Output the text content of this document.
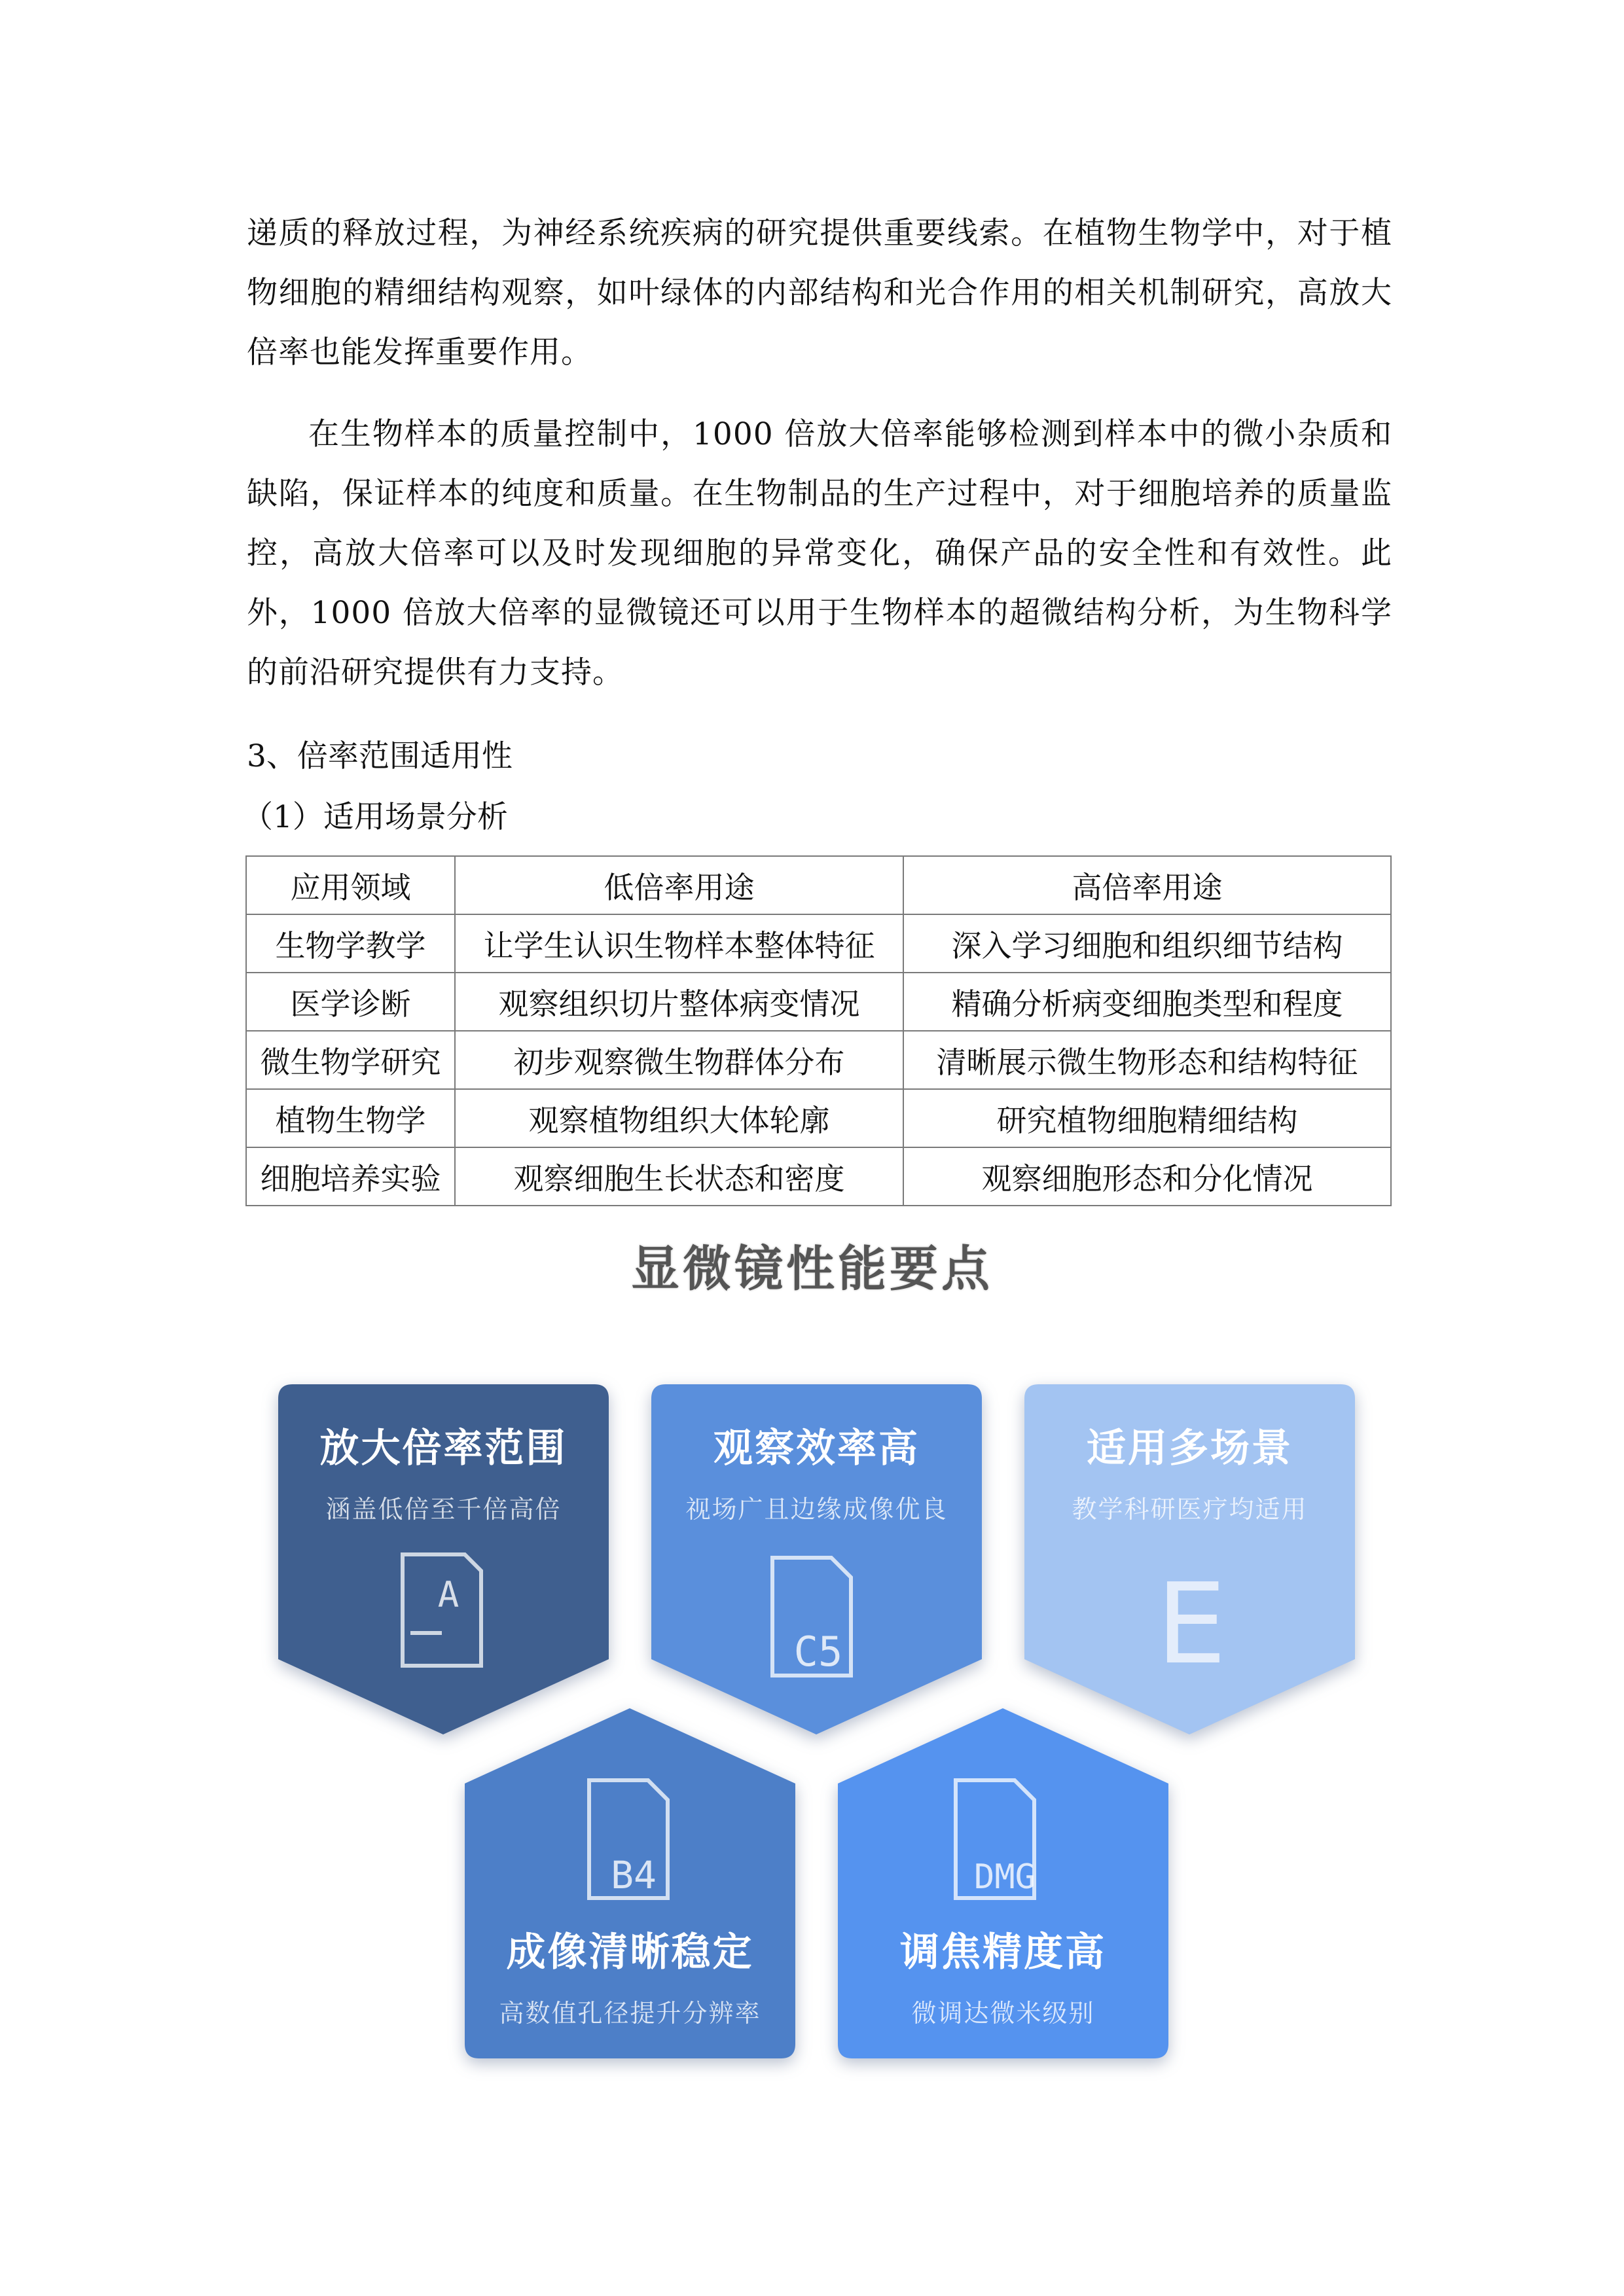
递质的释放过程，为神经系统疾病的研究提供重要线索。在植物生物学中，对于植物细胞的精细结构观察，如叶绿体的内部结构和光合作用的相关机制研究，高放大倍率也能发挥重要作用。

在生物样本的质量控制中，1000 倍放大倍率能够检测到样本中的微小杂质和缺陷，保证样本的纯度和质量。在生物制品的生产过程中，对于细胞培养的质量监控，高放大倍率可以及时发现细胞的异常变化，确保产品的安全性和有效性。此外，1000 倍放大倍率的显微镜还可以用于生物样本的超微结构分析，为生物科学的前沿研究提供有力支持。

3、倍率范围适用性

（1）适用场景分析

应用领域	低倍率用途	高倍率用途
生物学教学	让学生认识生物样本整体特征	深入学习细胞和组织细节结构
医学诊断	观察组织切片整体病变情况	精确分析病变细胞类型和程度
微生物学研究	初步观察微生物群体分布	清晰展示微生物形态和结构特征
植物生物学	观察植物组织大体轮廓	研究植物细胞精细结构
细胞培养实验	观察细胞生长状态和密度	观察细胞形态和分化情况
显微镜性能要点
放大倍率范围
涵盖低倍至千倍高倍
A
观察效率高
视场广且边缘成像优良
C5
适用多场景
教学科研医疗均适用
E
B4
成像清晰稳定
高数值孔径提升分辨率
DMG
调焦精度高
微调达微米级别
